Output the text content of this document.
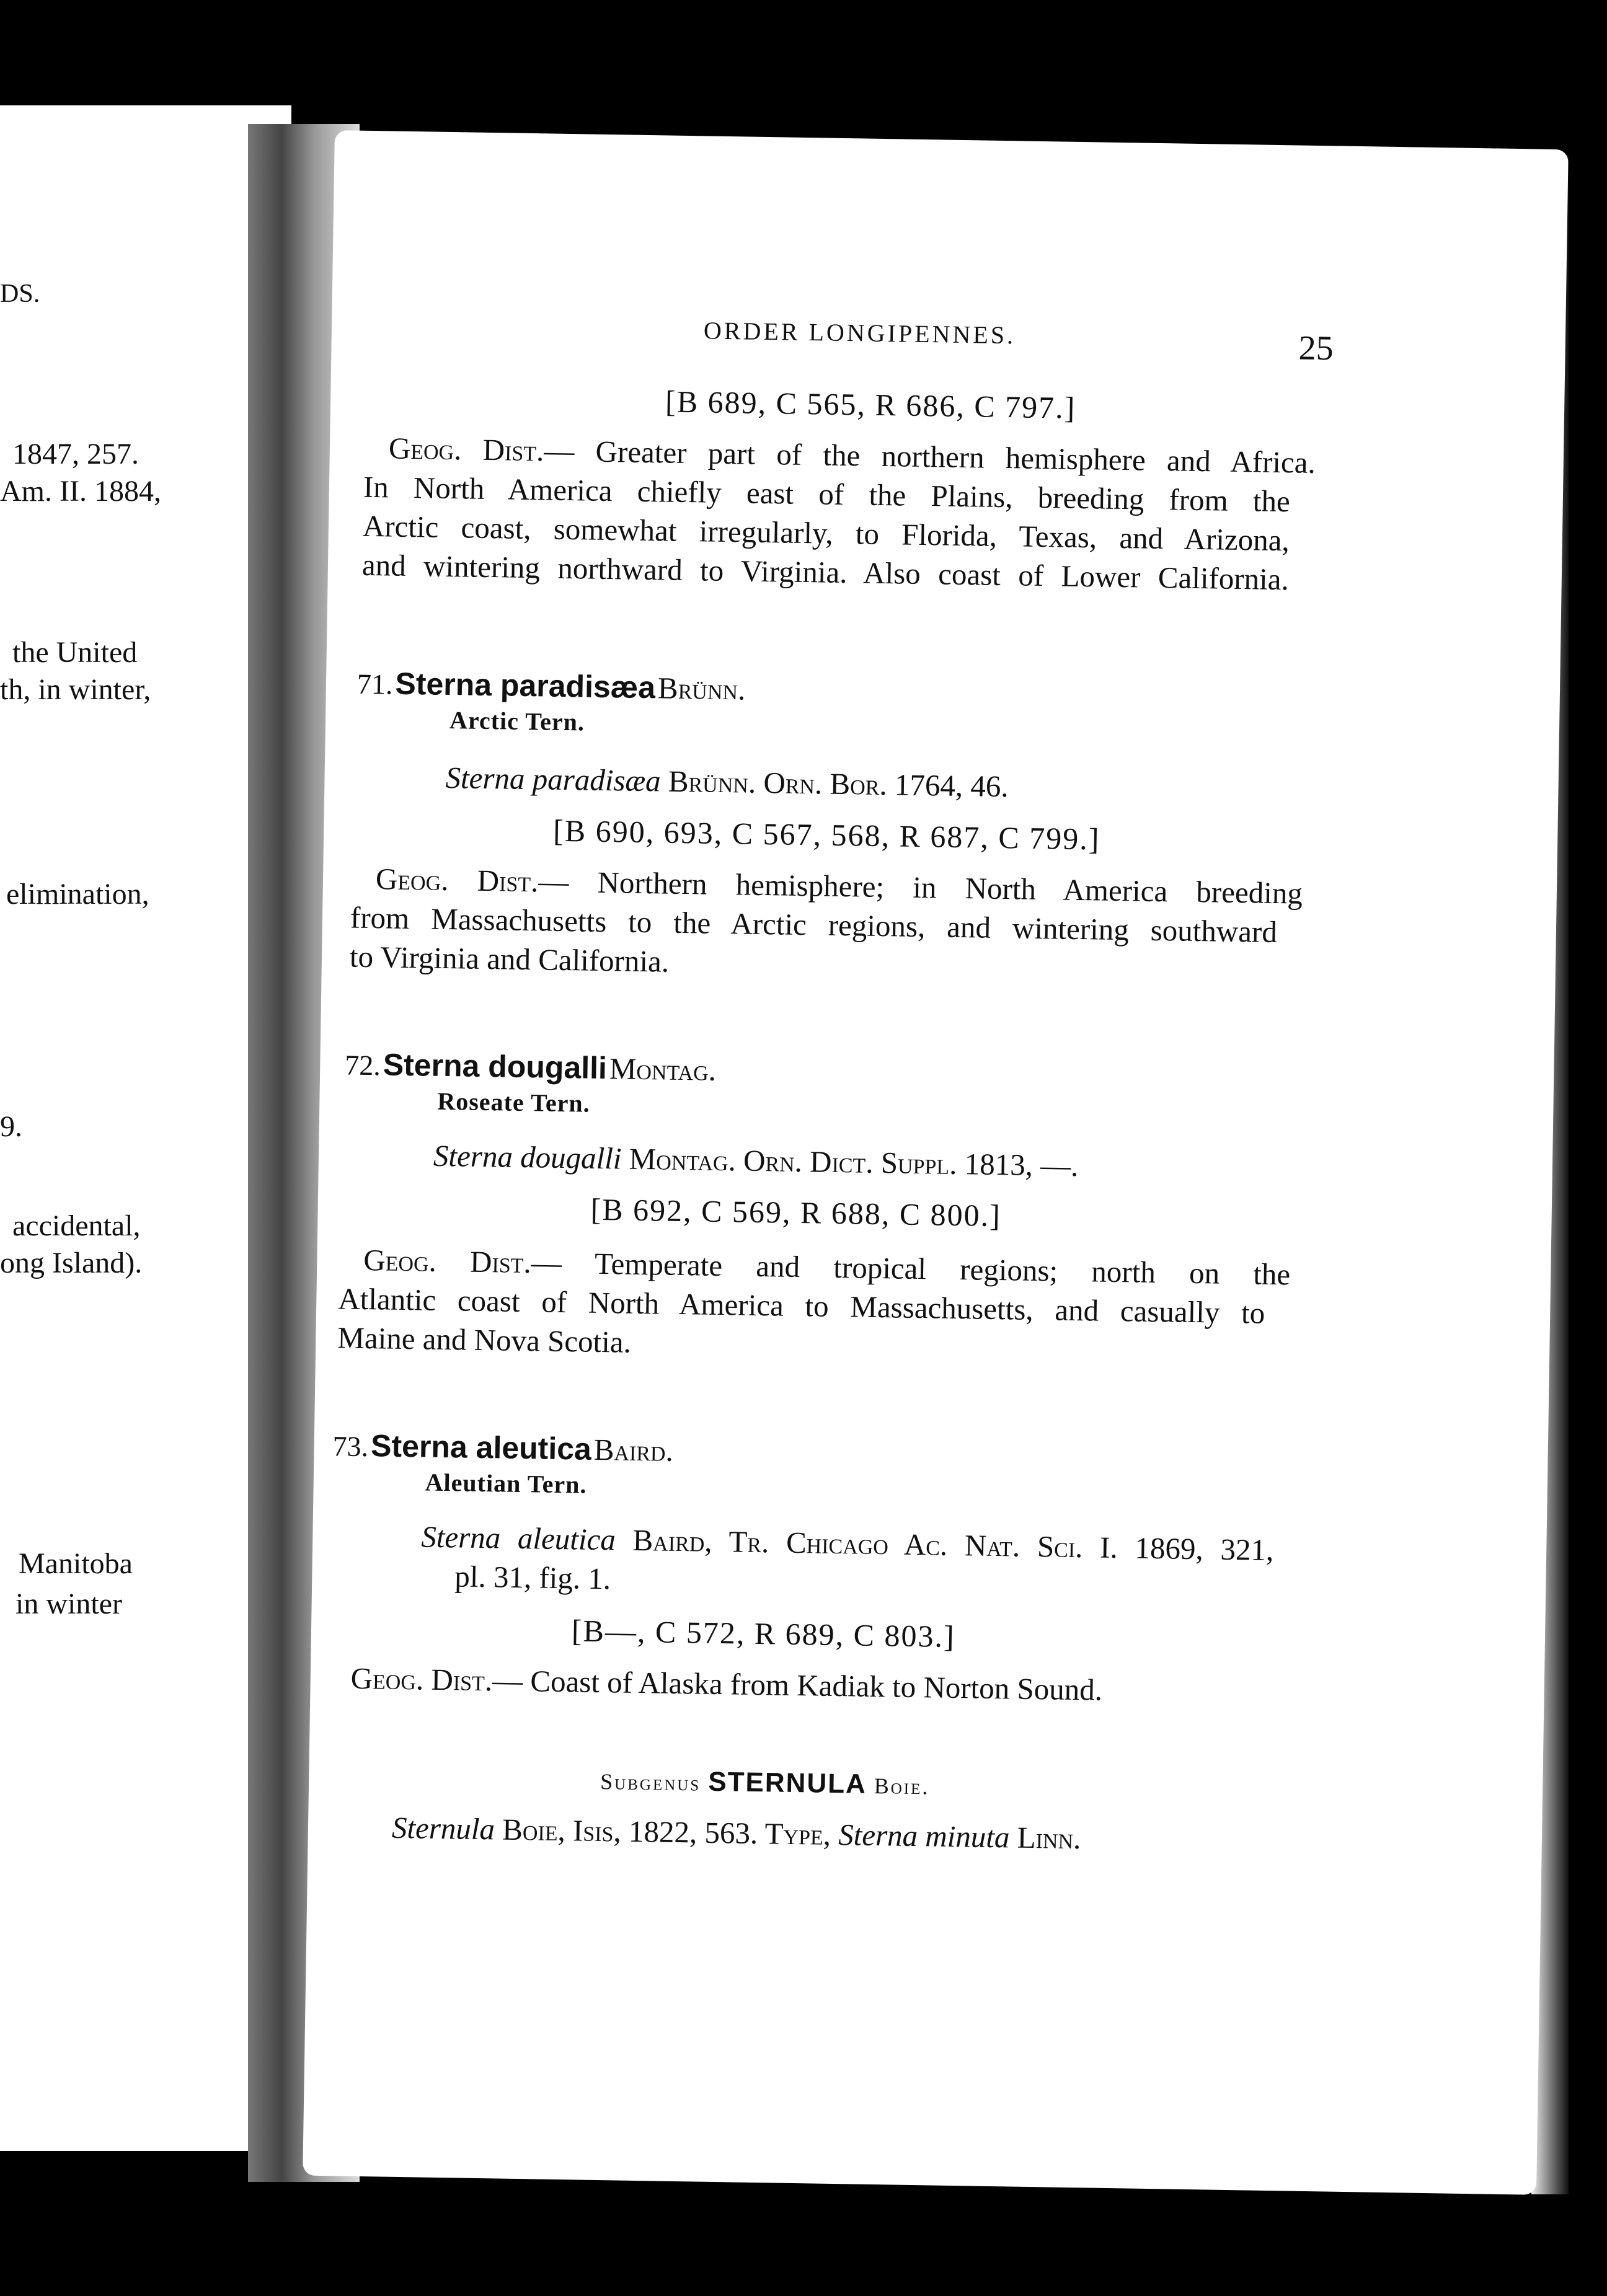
DS.
1847, 257.
Am. II. 1884,
the United
th, in winter,
elimination,
9.
accidental,
ong Island).
Manitoba
in winter
ORDER LONGIPENNES.	25
[B 689, C 565, R 686, C 797.]
Geog. Dist.— Greater part of the northern hemisphere and Africa.
In North America chiefly east of the Plains, breeding from the
Arctic coast, somewhat irregularly, to Florida, Texas, and Arizona,
and wintering northward to Virginia. Also coast of Lower California.
71. Sterna paradisæa Brünn.
Arctic Tern.
Sterna paradisæa Brünn. Orn. Bor. 1764, 46.
[B 690, 693, C 567, 568, R 687, C 799.]
Geog. Dist.— Northern hemisphere; in North America breeding
from Massachusetts to the Arctic regions, and wintering southward
to Virginia and California.
72. Sterna dougalli Montag.
Roseate Tern.
Sterna dougalli Montag. Orn. Dict. Suppl. 1813, —.
[B 692, C 569, R 688, C 800.]
Geog. Dist.— Temperate and tropical regions; north on the
Atlantic coast of North America to Massachusetts, and casually to
Maine and Nova Scotia.
73. Sterna aleutica Baird.
Aleutian Tern.
Sterna aleutica Baird, Tr. Chicago Ac. Nat. Sci. I. 1869, 321,
pl. 31, fig. 1.
[B—, C 572, R 689, C 803.]
Geog. Dist.— Coast of Alaska from Kadiak to Norton Sound.
Subgenus STERNULA Boie.
Sternula Boie, Isis, 1822, 563. Type, Sterna minuta Linn.
